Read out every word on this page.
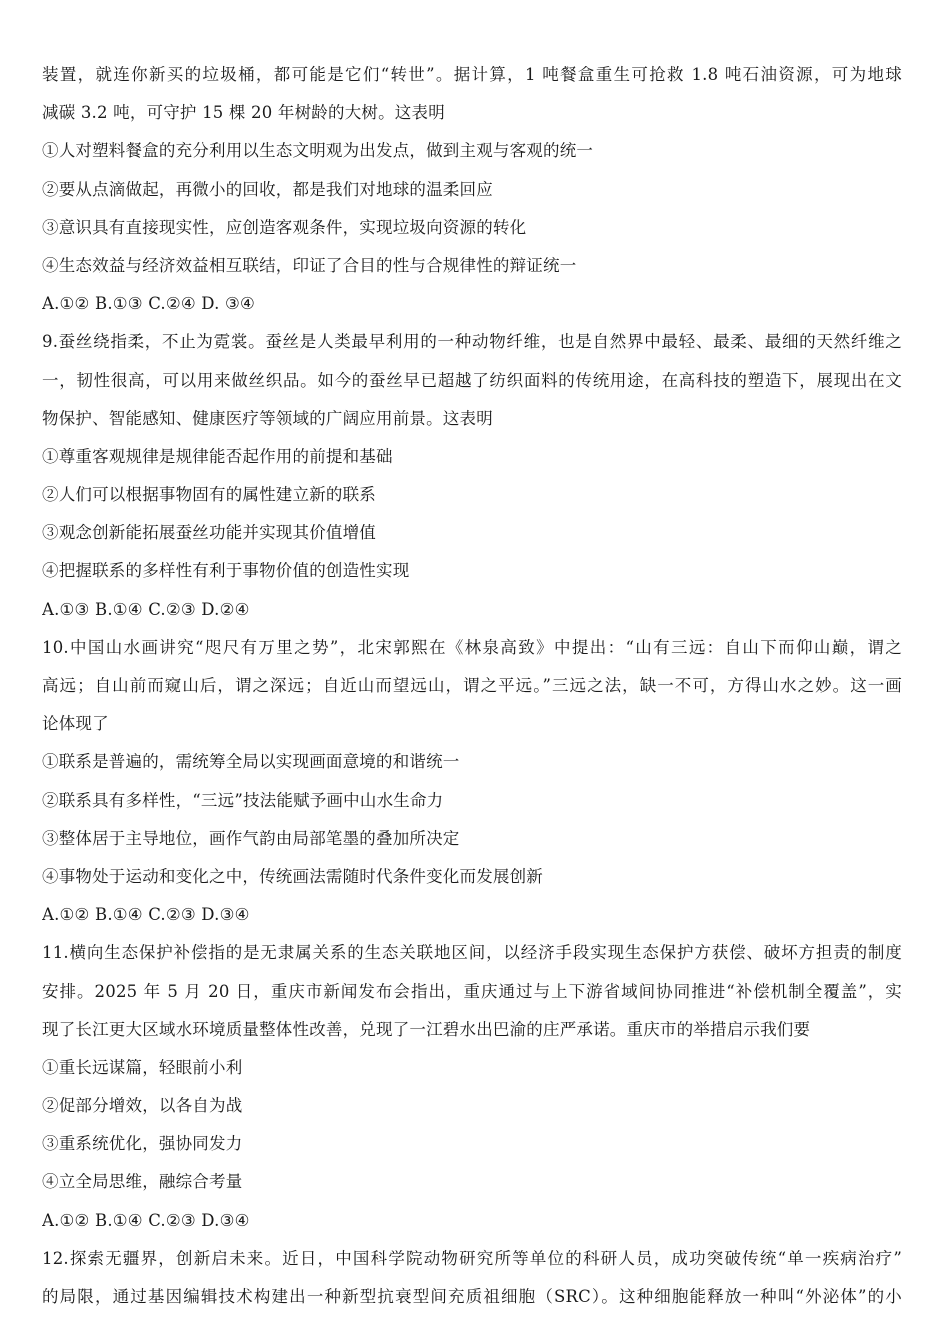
装置，就连你新买的垃圾桶，都可能是它们“转世”。据计算，1 吨餐盒重生可抢救 1.8 吨石油资源，可为地球
减碳 3.2 吨，可守护 15 棵 20 年树龄的大树。这表明
①人对塑料餐盒的充分利用以生态文明观为出发点，做到主观与客观的统一
②要从点滴做起，再微小的回收，都是我们对地球的温柔回应
③意识具有直接现实性，应创造客观条件，实现垃圾向资源的转化
④生态效益与经济效益相互联结，印证了合目的性与合规律性的辩证统一
A.①② B.①③ C.②④ D. ③④
9.蚕丝绕指柔，不止为霓裳。蚕丝是人类最早利用的一种动物纤维，也是自然界中最轻、最柔、最细的天然纤维之
一，韧性很高，可以用来做丝织品。如今的蚕丝早已超越了纺织面料的传统用途，在高科技的塑造下，展现出在文
物保护、智能感知、健康医疗等领域的广阔应用前景。这表明
①尊重客观规律是规律能否起作用的前提和基础
②人们可以根据事物固有的属性建立新的联系
③观念创新能拓展蚕丝功能并实现其价值增值
④把握联系的多样性有利于事物价值的创造性实现
A.①③ B.①④ C.②③ D.②④
10.中国山水画讲究“咫尺有万里之势”，北宋郭熙在《林泉高致》中提出：“山有三远：自山下而仰山巅，谓之
高远；自山前而窥山后，谓之深远；自近山而望远山，谓之平远。”三远之法，缺一不可，方得山水之妙。这一画
论体现了
①联系是普遍的，需统筹全局以实现画面意境的和谐统一
②联系具有多样性，“三远”技法能赋予画中山水生命力
③整体居于主导地位，画作气韵由局部笔墨的叠加所决定
④事物处于运动和变化之中，传统画法需随时代条件变化而发展创新
A.①② B.①④ C.②③ D.③④
11.横向生态保护补偿指的是无隶属关系的生态关联地区间，以经济手段实现生态保护方获偿、破坏方担责的制度
安排。2025 年 5 月 20 日，重庆市新闻发布会指出，重庆通过与上下游省域间协同推进“补偿机制全覆盖”，实
现了长江更大区域水环境质量整体性改善，兑现了一江碧水出巴渝的庄严承诺。重庆市的举措启示我们要
①重长远谋篇，轻眼前小利
②促部分增效，以各自为战
③重系统优化，强协同发力
④立全局思维，融综合考量
A.①② B.①④ C.②③ D.③④
12.探索无疆界，创新启未来。近日，中国科学院动物研究所等单位的科研人员，成功突破传统“单一疾病治疗”
的局限，通过基因编辑技术构建出一种新型抗衰型间充质祖细胞（SRC）。这种细胞能释放一种叫“外泌体”的小
